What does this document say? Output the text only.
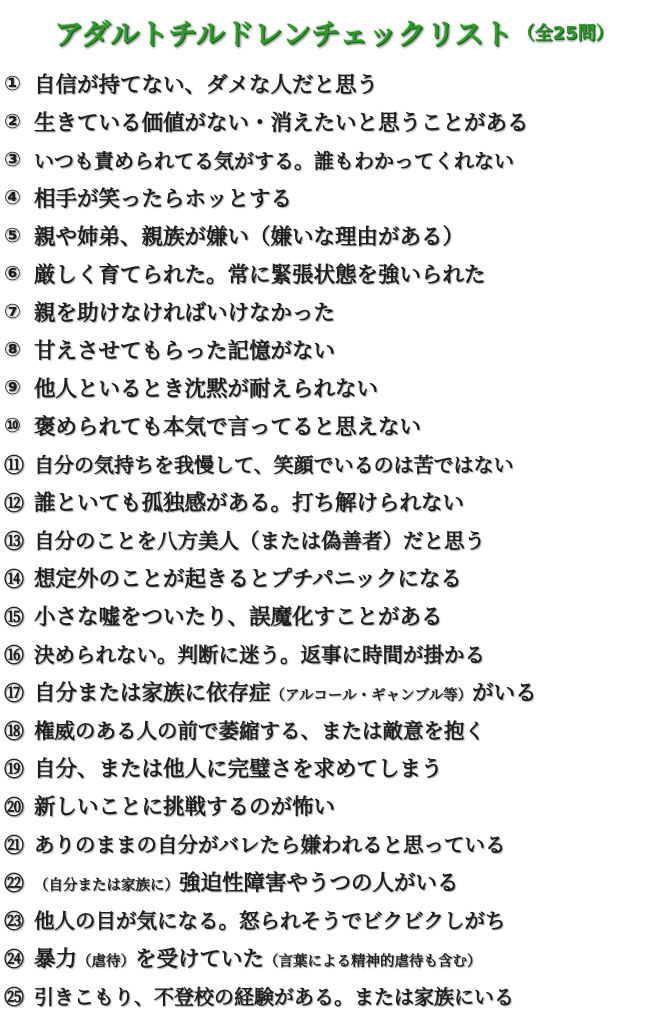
アダルトチルドレンチェックリスト （全25問）
① 自信が持てない、ダメな人だと思う
② 生きている価値がない・消えたいと思うことがある
③ いつも責められてる気がする。誰もわかってくれない
④ 相手が笑ったらホッとする
⑤ 親や姉弟、親族が嫌い（嫌いな理由がある）
⑥ 厳しく育てられた。常に緊張状態を強いられた
⑦ 親を助けなければいけなかった
⑧ 甘えさせてもらった記憶がない
⑨ 他人といるとき沈黙が耐えられない
⑩ 褒められても本気で言ってると思えない
⑪ 自分の気持ちを我慢して、笑顔でいるのは苦ではない
⑫ 誰といても孤独感がある。打ち解けられない
⑬ 自分のことを八方美人（または偽善者）だと思う
⑭ 想定外のことが起きるとプチパニックになる
⑮ 小さな嘘をついたり、誤魔化すことがある
⑯ 決められない。判断に迷う。返事に時間が掛かる
⑰ 自分または家族に依存症（アルコール・ギャンブル等）がいる
⑱ 権威のある人の前で萎縮する、または敵意を抱く
⑲ 自分、または他人に完璧さを求めてしまう
⑳ 新しいことに挑戦するのが怖い
㉑ ありのままの自分がバレたら嫌われると思っている
㉒ （自分または家族に）強迫性障害やうつの人がいる
㉓ 他人の目が気になる。怒られそうでビクビクしがち
㉔ 暴力（虐待）を受けていた（言葉による精神的虐待も含む）
㉕ 引きこもり、不登校の経験がある。または家族にいる
